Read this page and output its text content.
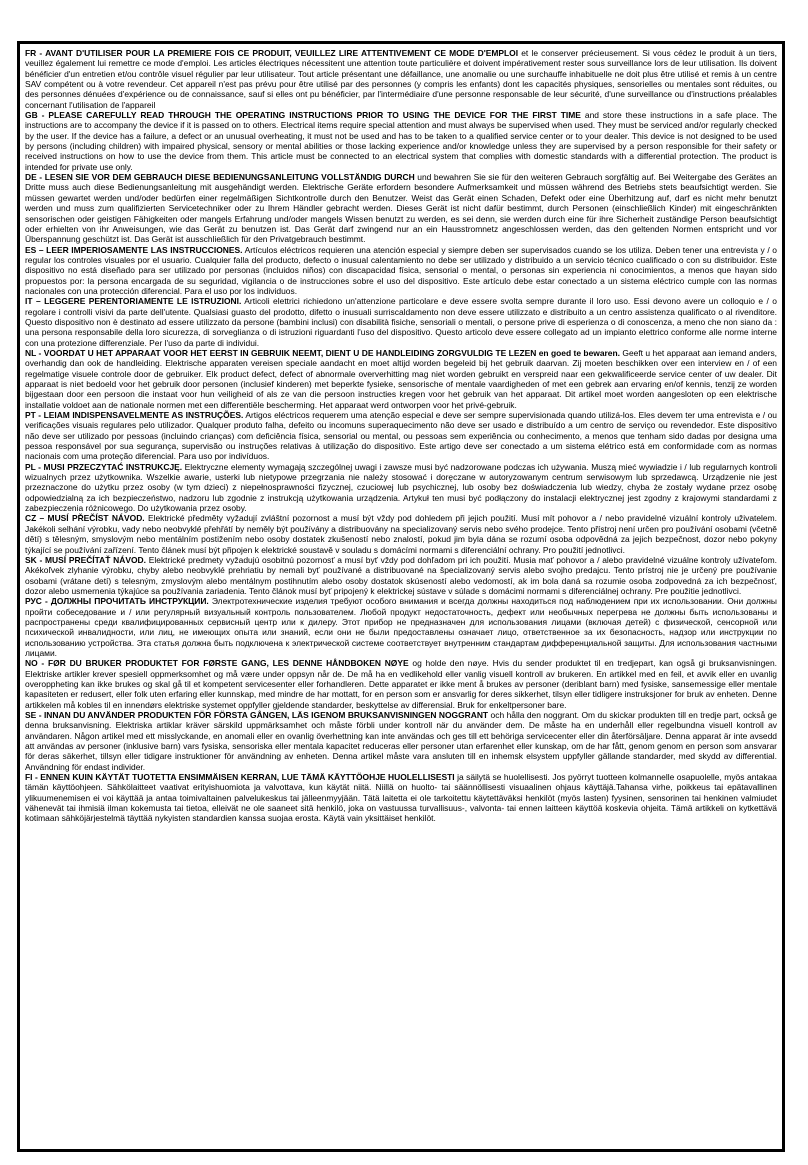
FR - AVANT D'UTILISER POUR LA PREMIERE FOIS CE PRODUIT, VEUILLEZ LIRE ATTENTIVEMENT CE MODE D'EMPLOI et le conserver précieusement. Si vous cédez le produit à un tiers, veuillez également lui remettre ce mode d'emploi. Les articles électriques nécessitent une attention toute particulière et doivent impérativement rester sous surveillance lors de leur utilisation. Ils doivent bénéficier d'un entretien et/ou contrôle visuel régulier par leur utilisateur. Tout article présentant une défaillance, une anomalie ou une surchauffe inhabituelle ne doit plus être utilisé et remis à un centre SAV compétent ou à votre revendeur. Cet appareil n'est pas prévu pour être utilisé par des personnes (y compris les enfants) dont les capacités physiques, sensorielles ou mentales sont réduites, ou des personnes dénuées d'expérience ou de connaissance, sauf si elles ont pu bénéficier, par l'intermédiaire d'une personne responsable de leur sécurité, d'une surveillance ou d'instructions préalables concernant l'utilisation de l'appareil

GB - PLEASE CAREFULLY READ THROUGH THE OPERATING INSTRUCTIONS PRIOR TO USING THE DEVICE FOR THE FIRST TIME and store these instructions in a safe place. The instructions are to accompany the device if it is passed on to others. Electrical items require special attention and must always be supervised when used. They must be serviced and/or regularly checked by the user. If the device has a failure, a defect or an unusual overheating, it must not be used and has to be taken to a qualified service center or to your dealer. This device is not designed to be used by persons (including children) with impaired physical, sensory or mental abilities or those lacking experience and/or knowledge unless they are supervised by a person responsible for their safety or received instructions on how to use the device from them. This article must be connected to an electrical system that complies with domestic standards with a differential protection. The product is intended for private use only.

DE - LESEN SIE VOR DEM GEBRAUCH DIESE BEDIENUNGSANLEITUNG VOLLSTÄNDIG DURCH und bewahren Sie sie für den weiteren Gebrauch sorgfältig auf. Bei Weitergabe des Gerätes an Dritte muss auch diese Bedienungsanleitung mit ausgehändigt werden. Elektrische Geräte erfordern besondere Aufmerksamkeit und müssen während des Betriebs stets beaufsichtigt werden. Sie müssen gewartet werden und/oder bedürfen einer regelmäßigen Sichtkontrolle durch den Benutzer. Weist das Gerät einen Schaden, Defekt oder eine Überhitzung auf, darf es nicht mehr benutzt werden und muss zum qualifizierten Servicetechniker oder zu Ihrem Händler gebracht werden. Dieses Gerät ist nicht dafür bestimmt, durch Personen (einschließlich Kinder) mit eingeschränkten sensorischen oder geistigen Fähigkeiten oder mangels Erfahrung und/oder mangels Wissen benutzt zu werden, es sei denn, sie werden durch eine für ihre Sicherheit zuständige Person beaufsichtigt oder erhielten von ihr Anweisungen, wie das Gerät zu benutzen ist. Das Gerät darf zwingend nur an ein Hausstromnetz angeschlossen werden, das den geltenden Normen entspricht und vor Überspannung geschützt ist. Das Gerät ist ausschließlich für den Privatgebrauch bestimmt.

ES – LEER IMPERIOSAMENTE LAS INSTRUCCIONES. Artículos eléctricos requieren una atención especial y siempre deben ser supervisados cuando se los utiliza. Deben tener una entrevista y / o regular los controles visuales por el usuario. Cualquier falla del producto, defecto o inusual calentamiento no debe ser utilizado y distribuido a un servicio técnico cualificado o con su distribuidor. Este dispositivo no está diseñado para ser utilizado por personas (incluidos niños) con discapacidad física, sensorial o mental, o personas sin experiencia ni conocimientos, a menos que hayan sido propuestos por: la persona encargada de su seguridad, vigilancia o de instrucciones sobre el uso del dispositivo. Este artículo debe estar conectado a un sistema eléctrico cumple con las normas nacionales con una protección diferencial. Para el uso por los individuos.

IT – LEGGERE PERENTORIAMENTE LE ISTRUZIONI. Articoli elettrici richiedono un'attenzione particolare e deve essere svolta sempre durante il loro uso. Essi devono avere un colloquio e / o regolare i controlli visivi da parte dell'utente. Qualsiasi guasto del prodotto, difetto o inusuali surriscaldamento non deve essere utilizzato e distribuito a un centro assistenza qualificato o al rivenditore. Questo dispositivo non è destinato ad essere utilizzato da persone (bambini inclusi) con disabilità fisiche, sensoriali o mentali, o persone prive di esperienza o di conoscenza, a meno che non siano da : una persona responsabile della loro sicurezza, di sorveglianza o di istruzioni riguardanti l'uso del dispositivo. Questo articolo deve essere collegato ad un impianto elettrico conforme alle norme interne con una protezione differenziale. Per l'uso da parte di individui.

NL - VOORDAT U HET APPARAAT VOOR HET EERST IN GEBRUIK NEEMT, DIENT U DE HANDLEIDING ZORGVULDIG TE LEZEN en goed te bewaren. Geeft u het apparaat aan iemand anders, overhandig dan ook de handleiding. Elektrische apparaten vereisen speciale aandacht en moet altijd worden begeleid bij het gebruik daarvan. Zij moeten beschikken over een interview en / of een regelmatige visuele controle door de gebruiker. Elk product defect, defect of abnormale oververhitting mag niet worden gebruikt en verspreid naar een gekwalificeerde service center of uw dealer. Dit apparaat is niet bedoeld voor het gebruik door personen (inclusief kinderen) met beperkte fysieke, sensorische of mentale vaardigheden of met een gebrek aan ervaring en/of kennis, tenzij ze worden bijgestaan door een persoon die instaat voor hun veiligheid of als ze van die persoon instructies kregen voor het gebruik van het apparaat. Dit artikel moet worden aangesloten op een elektrische installatie voldoet aan de nationale normen met een differentiële bescherming. Het apparaat werd ontworpen voor het privé-gebruik.

PT - LEIAM INDISPENSAVELMENTE AS INSTRUÇÕES. Artigos eléctricos requerem uma atenção especial e deve ser sempre supervisionada quando utilizá-los. Eles devem ter uma entrevista e / ou verificações visuais regulares pelo utilizador. Qualquer produto falha, defeito ou incomuns superaquecimento não deve ser usado e distribuído a um centro de serviço ou revendedor. Este dispositivo não deve ser utilizado por pessoas (incluindo crianças) com deficiência física, sensorial ou mental, ou pessoas sem experiência ou conhecimento, a menos que tenham sido dadas por designa uma pessoa responsável por sua segurança, supervisão ou instruções relativas à utilização do dispositivo. Este artigo deve ser conectado a um sistema elétrico está em conformidade com as normas nacionais com uma proteção diferencial. Para uso por indivíduos.

PL - MUSI PRZECZYTAĆ INSTRUKCJĘ. Elektryczne elementy wymagają szczególnej uwagi i zawsze musi być nadzorowane podczas ich używania. Muszą mieć wywiadzie i / lub regularnych kontroli wizualnych przez użytkownika. Wszelkie awarie, usterki lub nietypowe przegrzania nie należy stosować i doręczane w autoryzowanym centrum serwisowym lub sprzedawcą. Urządzenie nie jest przeznaczone do użytku przez osoby (w tym dzieci) z niepełnosprawności fizycznej, czuciowej lub psychicznej, lub osoby bez doświadczenia lub wiedzy, chyba że zostały wydane przez osobę odpowiedzialną za ich bezpieczeństwo, nadzoru lub zgodnie z instrukcją użytkowania urządzenia. Artykuł ten musi być podłączony do instalacji elektrycznej jest zgodny z krajowymi standardami z zabezpieczenia różnicowego. Do użytkowania przez osoby.

CZ – MUSÍ PŘEČÍST NÁVOD. Elektrické předměty vyžadují zvláštní pozornost a musí být vždy pod dohledem při jejich použití. Musí mít pohovor a / nebo pravidelné vizuální kontroly uživatelem. Jakékoli selhání výrobku, vady nebo neobvyklé přehřátí by neměly být používány a distribuovány na specializovaný servis nebo svého prodejce. Tento přístroj není určen pro používání osobami (včetně dětí) s tělesným, smyslovým nebo mentálním postižením nebo osoby dostatek zkušeností nebo znalostí, pokud jim byla dána se rozumí osoba odpovědná za jejich bezpečnost, dozor nebo pokyny týkající se používání zařízení. Tento článek musí být připojen k elektrické soustavě v souladu s domácími normami s diferenciální ochrany. Pro použití jednotlivci.

SK - MUSÍ PREČÍTAŤ NÁVOD. Elektrické predmety vyžadujú osobitnú pozornosť a musí byť vždy pod dohľadom pri ich použití. Musia mať pohovor a / alebo pravidelné vizuálne kontroly užívateľom. Akékoľvek zlyhanie výrobku, chyby alebo neobvyklé prehriatiu by nemali byť používané a distribuované na špecializovaný servis alebo svojho predajcu. Tento prístroj nie je určený pre používanie osobami (vrátane detí) s telesným, zmyslovým alebo mentálnym postihnutím alebo osoby dostatok skúseností alebo vedomostí, ak im bola daná sa rozumie osoba zodpovedná za ich bezpečnosť, dozor alebo usmernenia týkajúce sa používania zariadenia. Tento článok musí byť pripojený k elektrickej sústave v súlade s domácimi normami s diferenciálnej ochrany. Pre použitie jednotlivci.

РУС - ДОЛЖНЫ ПРОЧИТАТЬ ИНСТРУКЦИИ. Электротехнические изделия требуют особого внимания и всегда должны находиться под наблюдением при их использовании. Они должны пройти собеседование и / или регулярный визуальный контроль пользователем. Любой продукт недостаточность, дефект или необычных перегрева не должны быть использованы и распространены среди квалифицированных сервисный центр или к дилеру. Этот прибор не предназначен для использования лицами (включая детей) с физической, сенсорной или психической инвалидности, или лиц, не имеющих опыта или знаний, если они не были предоставлены означает лицо, ответственное за их безопасность, надзор или инструкции по использованию устройства. Эта статья должна быть подключена к электрической системе соответствует внутренним стандартам дифференциальной защиты. Для использования частными лицами.

NO - FØR DU BRUKER PRODUKTET FOR FØRSTE GANG, LES DENNE HÅNDBOKEN NØYE og holde den nøye. Hvis du sender produktet til en tredjepart, kan også gi bruksanvisningen. Elektriske artikler krever spesiell oppmerksomhet og må være under oppsyn når de. De må ha en vedlikehold eller vanlig visuell kontroll av brukeren. En artikkel med en feil, et avvik eller en uvanlig overoppheting kan ikke brukes og skal gå til et kompetent servicesenter eller forhandleren. Dette apparatet er ikke ment å brukes av personer (deriblant barn) med fysiske, sansemessige eller mentale kapasiteten er redusert, eller folk uten erfaring eller kunnskap, med mindre de har mottatt, for en person som er ansvarlig for deres sikkerhet, tilsyn eller tidligere instruksjoner for bruk av enheten. Denne artikkelen må kobles til en innendørs elektriske systemet oppfyller gjeldende standarder, beskyttelse av differensial. Bruk for enkeltpersoner bare.

SE - INNAN DU ANVÄNDER PRODUKTEN FÖR FÖRSTA GÅNGEN, LÄS IGENOM BRUKSANVISNINGEN NOGGRANT och hålla den noggrant. Om du skickar produkten till en tredje part, också ge denna bruksanvisning. Elektriska artiklar kräver särskild uppmärksamhet och måste förbli under kontroll när du använder dem. De måste ha en underhåll eller regelbundna visuell kontroll av användaren. Någon artikel med ett misslyckande, en anomali eller en ovanlig överhettning kan inte användas och ges till ett behöriga servicecenter eller din återförsäljare. Denna apparat är inte avsedd att användas av personer (inklusive barn) vars fysiska, sensoriska eller mentala kapacitet reduceras eller personer utan erfarenhet eller kunskap, om de har fått, genom genom en person som ansvarar för deras säkerhet, tillsyn eller tidigare instruktioner för användning av enheten. Denna artikel måste vara ansluten till en inhemsk elsystem uppfyller gällande standarder, med skydd av differential. Användning för endast individer.

FI - ENNEN KUIN KÄYTÄT TUOTETTA ENSIMMÄISEN KERRAN, LUE TÄMÄ KÄYTTÖOHJE HUOLELLISESTI ja säilytä se huolellisesti. Jos pyörryt tuotteen kolmannelle osapuolelle, myös antakaa tämän käyttöohjeen. Sähkölaitteet vaativat erityishuomiota ja valvottava, kun käytät niitä. Niillä on huolto- tai säännöllisesti visuaalinen ohjaus käyttäjä.Tahansa virhe, poikkeus tai epätavallinen ylikuumenemisen ei voi käyttää ja antaa toimivaltainen palvelukeskus tai jälleenmyyjään. Tätä laitetta ei ole tarkoitettu käytettäväksi henkilöt (myös lasten) fyysinen, sensorinen tai henkinen valmiudet vähenevät tai ihmisiä ilman kokemusta tai tietoa, elleivät ne ole saaneet sitä henkilö, joka on vastuussa turvallisuus-, valvonta- tai ennen laitteen käyttöä koskevia ohjeita. Tämä artikkeli on kytkettävä kotimaan sähköjärjestelmä täyttää nykyisten standardien kanssa suojaa erosta. Käytä vain yksittäiset henkilöt.
